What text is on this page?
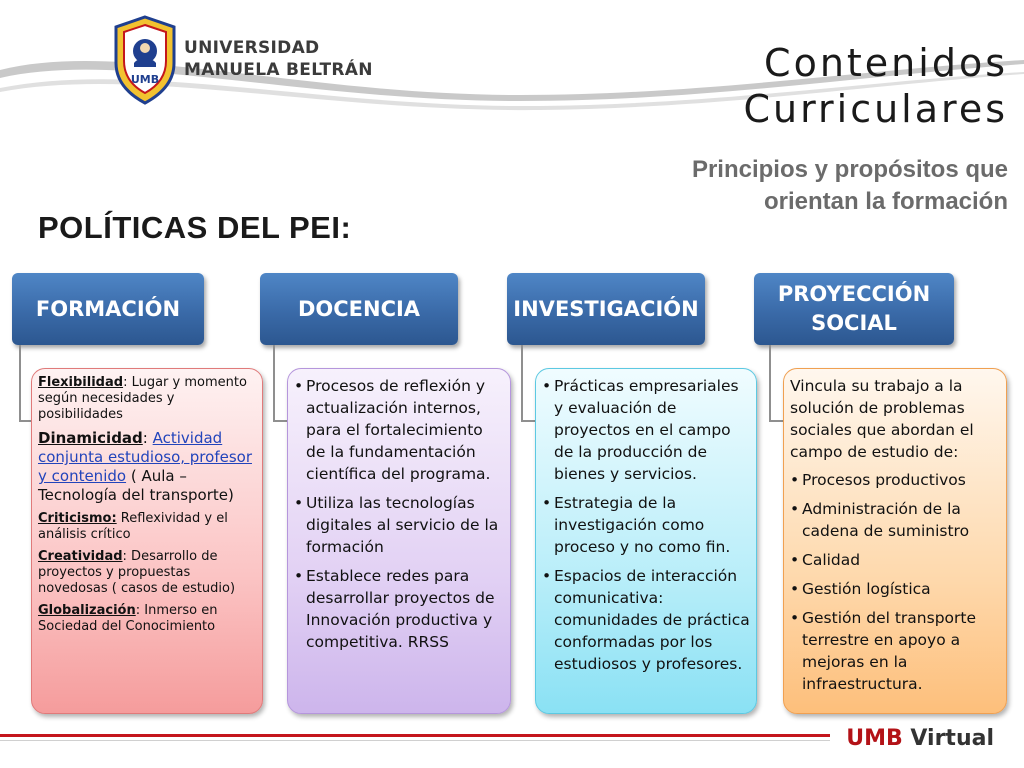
UMB
UNIVERSIDAD
MANUELA BELTRÁN	Contenidos
Curriculares
Principios y propósitos que
orientan la formación
POLÍTICAS DEL PEI:
FORMACIÓN
Flexibilidad: Lugar y momento según necesidades y posibilidades
Dinamicidad: Actividad conjunta estudioso, profesor y contenido ( Aula – Tecnología del transporte)
Criticismo: Reflexividad y el análisis crítico
Creatividad: Desarrollo de proyectos y propuestas novedosas ( casos de estudio)
Globalización: Inmerso en Sociedad del Conocimiento
DOCENCIA
• Procesos de reflexión y actualización internos, para el fortalecimiento de la fundamentación científica del programa.
• Utiliza las tecnologías digitales al servicio de la formación
• Establece redes para desarrollar proyectos de Innovación productiva y competitiva. RRSS
INVESTIGACIÓN
• Prácticas empresariales y evaluación de proyectos en el campo de la producción de bienes y servicios.
• Estrategia de la investigación como proceso y no como fin.
• Espacios de interacción comunicativa: comunidades de práctica conformadas por los estudiosos y profesores.
PROYECCIÓN
SOCIAL

Vincula su trabajo a la solución de problemas sociales que abordan el campo de estudio de:

• Procesos productivos
• Administración de la cadena de suministro
• Calidad
• Gestión logística
• Gestión del transporte terrestre en apoyo a mejoras en la infraestructura.
UMB Virtual
